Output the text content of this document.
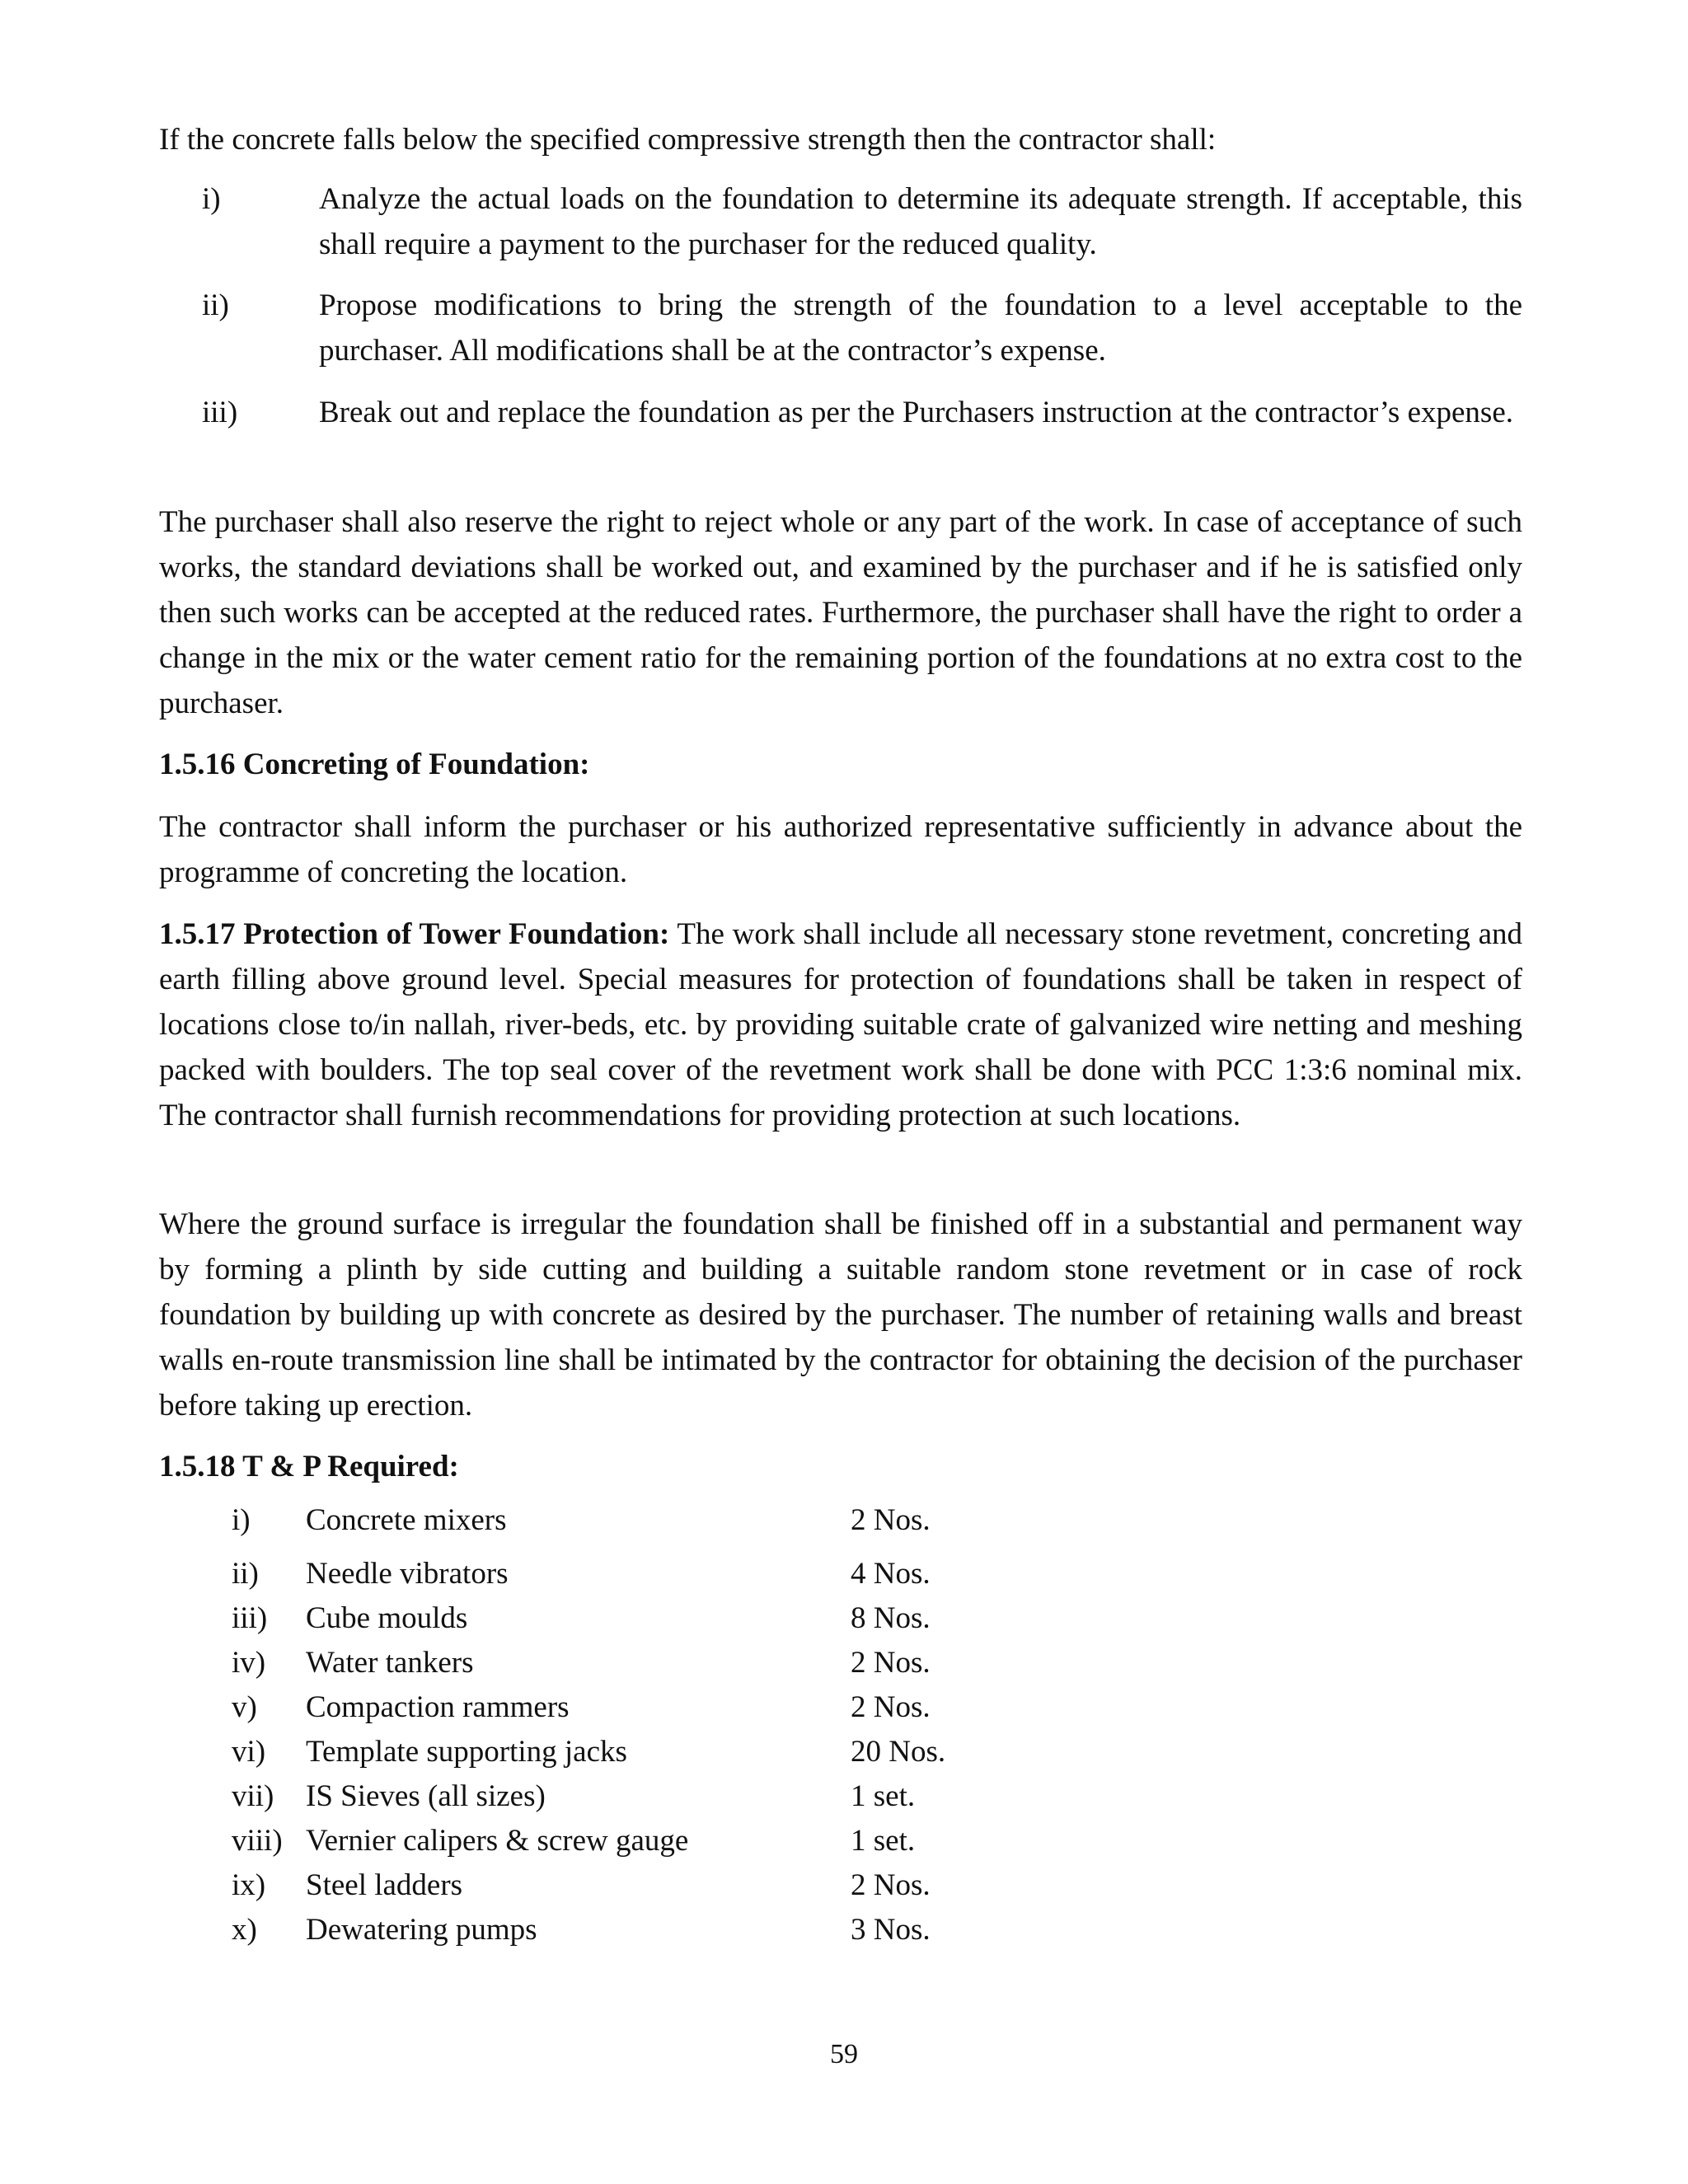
If the concrete falls below the specified compressive strength then the contractor shall:

i)	Analyze the actual loads on the foundation to determine its adequate strength. If acceptable, this shall require a payment to the purchaser for the reduced quality.
ii)	Propose modifications to bring the strength of the foundation to a level acceptable to the purchaser. All modifications shall be at the contractor’s expense.
iii)	Break out and replace the foundation as per the Purchasers instruction at the contractor’s expense.

The purchaser shall also reserve the right to reject whole or any part of the work. In case of acceptance of such works, the standard deviations shall be worked out, and examined by the purchaser and if he is satisfied only then such works can be accepted at the reduced rates. Furthermore, the purchaser shall have the right to order a change in the mix or the water cement ratio for the remaining portion of the foundations at no extra cost to the purchaser.

1.5.16 Concreting of Foundation:

The contractor shall inform the purchaser or his authorized representative sufficiently in advance about the programme of concreting the location.

1.5.17 Protection of Tower Foundation: The work shall include all necessary stone revetment, concreting and earth filling above ground level. Special measures for protection of foundations shall be taken in respect of locations close to/in nallah, river-beds, etc. by providing suitable crate of galvanized wire netting and meshing packed with boulders. The top seal cover of the revetment work shall be done with PCC 1:3:6 nominal mix. The contractor shall furnish recommendations for providing protection at such locations.

Where the ground surface is irregular the foundation shall be finished off in a substantial and permanent way by forming a plinth by side cutting and building a suitable random stone revetment or in case of rock foundation by building up with concrete as desired by the purchaser. The number of retaining walls and breast walls en-route transmission line shall be intimated by the contractor for obtaining the decision of the purchaser before taking up erection.

1.5.18 T & P Required:

i) Concrete mixers	2 Nos.
ii) Needle vibrators	4 Nos.
iii) Cube moulds	8 Nos.
iv) Water tankers	2 Nos.
v) Compaction rammers	2 Nos.
vi) Template supporting jacks	20 Nos.
vii) IS Sieves (all sizes)	1 set.
viii) Vernier calipers & screw gauge	1 set.
ix) Steel ladders	2 Nos.
x) Dewatering pumps	3 Nos.
59
